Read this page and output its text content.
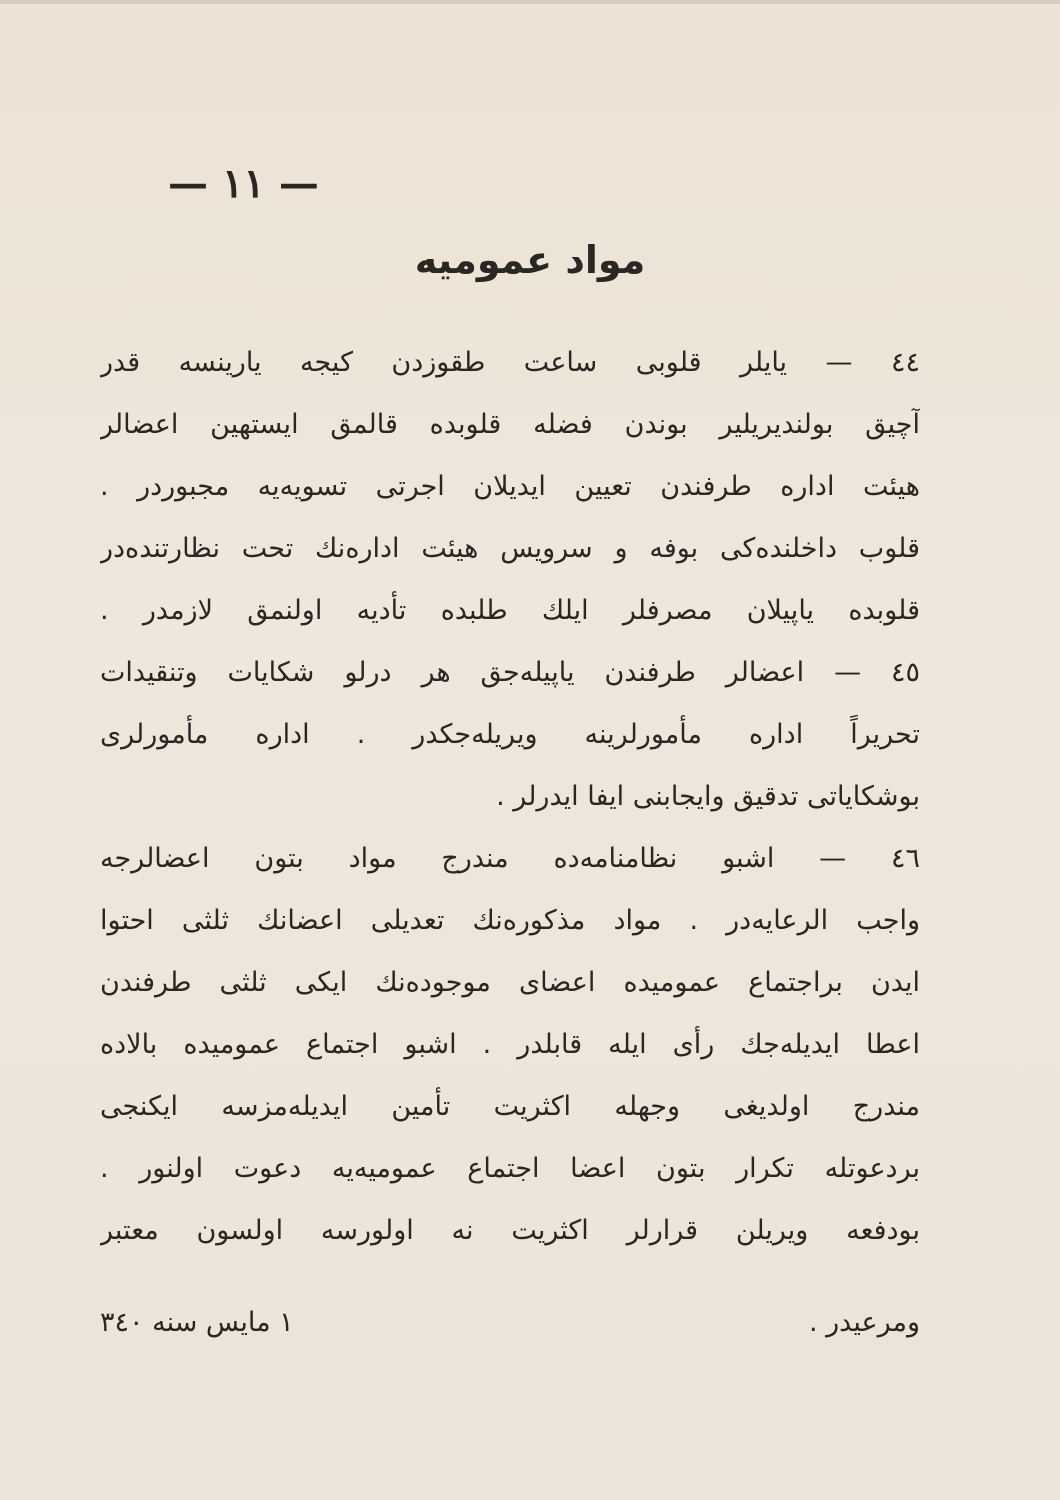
— ١١ —
مواد عموميه
٤٤ — يايلر قلوبی ساعت طقوزدن كيجه يارينسه قدر
آچيق بولنديريلير بوندن فضله قلوبده قالمق ايستهين اعضالر
هيئت اداره طرفندن تعيين ايديلان اجرتی تسويه‌يه مجبوردر .
قلوب داخلنده‌كی بوفه و سرويس هيئت اداره‌نك تحت نظارتنده‌در
قلوبده ياپيلان مصرفلر ايلك طلبده تأديه اولنمق لازمدر .
٤٥ — اعضالر طرفندن ياپيله‌جق هر درلو شكايات وتنقيدات
تحريراً اداره مأمورلرينه ويريله‌جكدر . اداره مأمورلری
بوشكاياتی تدقيق وايجابنی ايفا ايدرلر .
٤٦ — اشبو نظامنامه‌ده مندرج مواد بتون اعضالرجه
واجب الرعايه‌در . مواد مذكوره‌نك تعديلی اعضانك ثلثی احتوا
ايدن براجتماع عموميده اعضای موجوده‌نك ايكی ثلثی طرفندن
اعطا ايديله‌جك رأی ايله قابلدر . اشبو اجتماع عموميده بالاده
مندرج اولديغی وجهله اكثريت تأمين ايديله‌مزسه ايكنجی
بردعوتله تكرار بتون اعضا اجتماع عموميه‌يه دعوت اولنور .
بودفعه ويريلن قرارلر اكثريت نه اولورسه اولسون معتبر
١ مايس سنه ٣٤٠	ومرعيدر .
